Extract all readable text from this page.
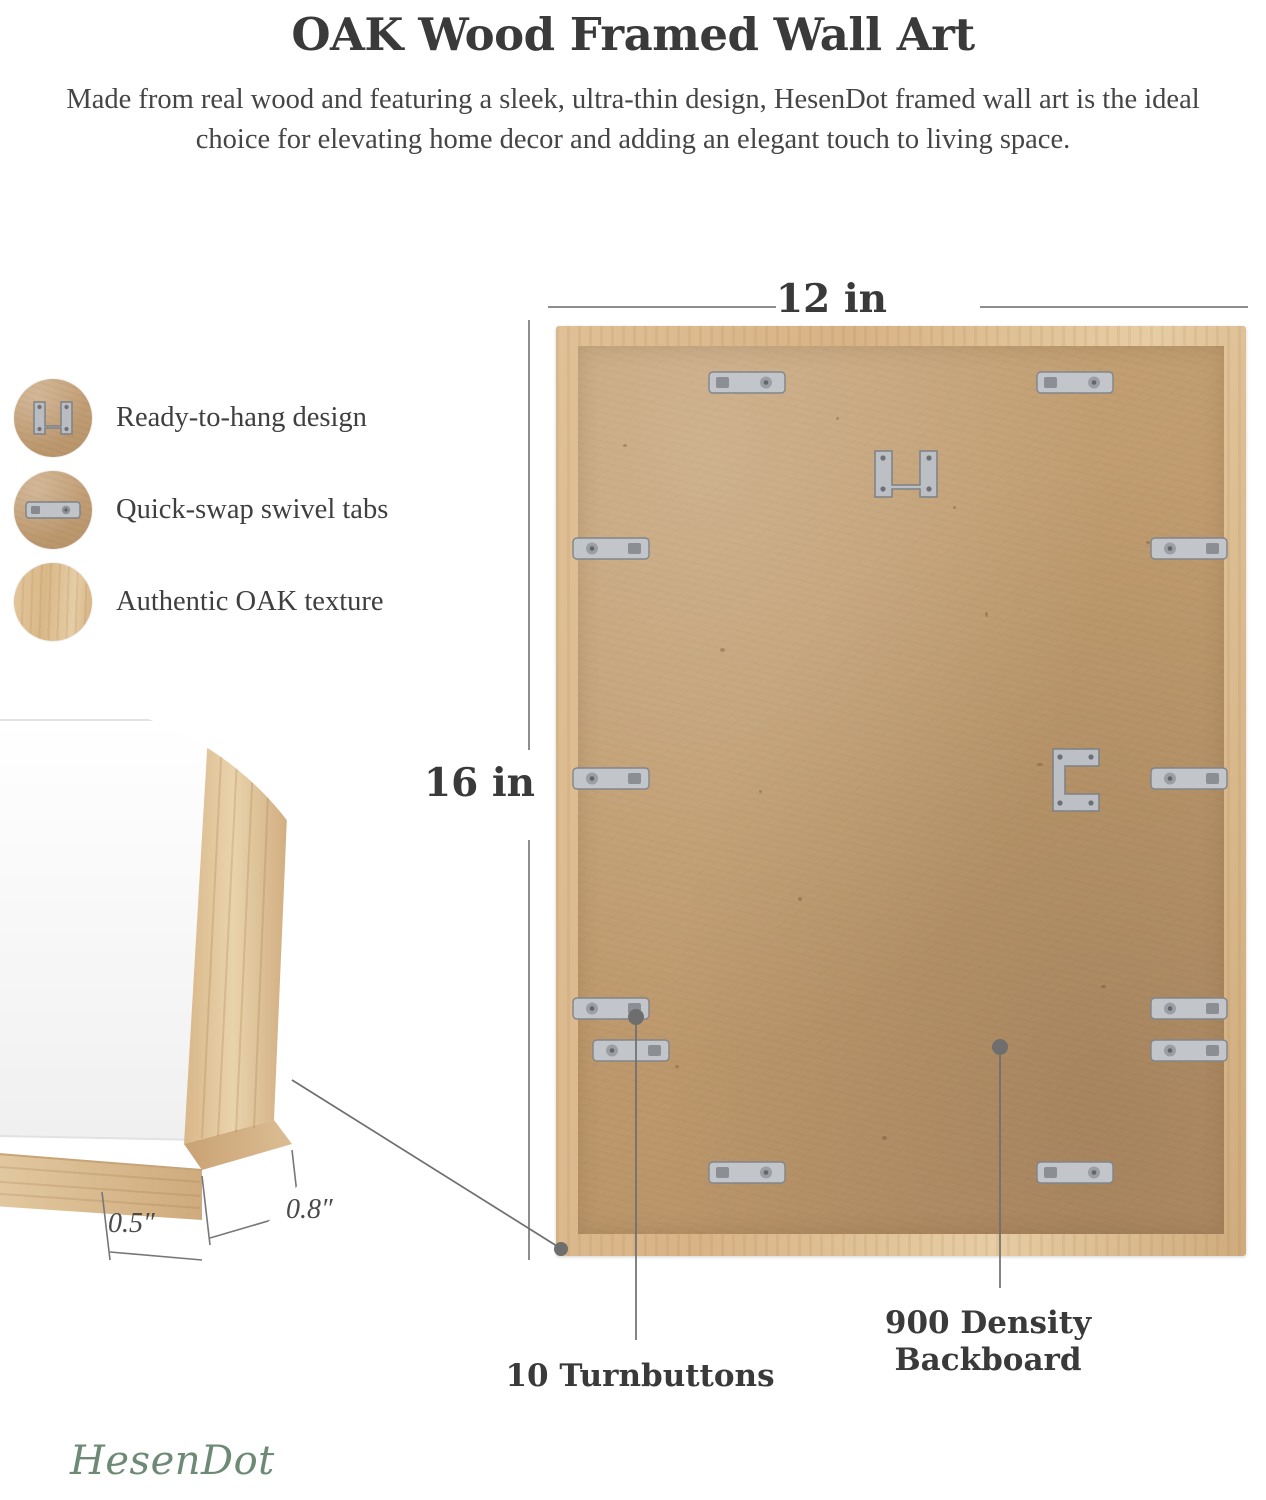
OAK Wood Framed Wall Art
Made from real wood and featuring a sleek, ultra-thin design, HesenDot framed wall art is the ideal choice for elevating home decor and adding an elegant touch to living space.
Ready-to-hang design
Quick-swap swivel tabs
Authentic OAK texture
12 in
16 in
0.5″	0.8″
10 Turnbuttons
900 Density
Backboard
HesenDot
